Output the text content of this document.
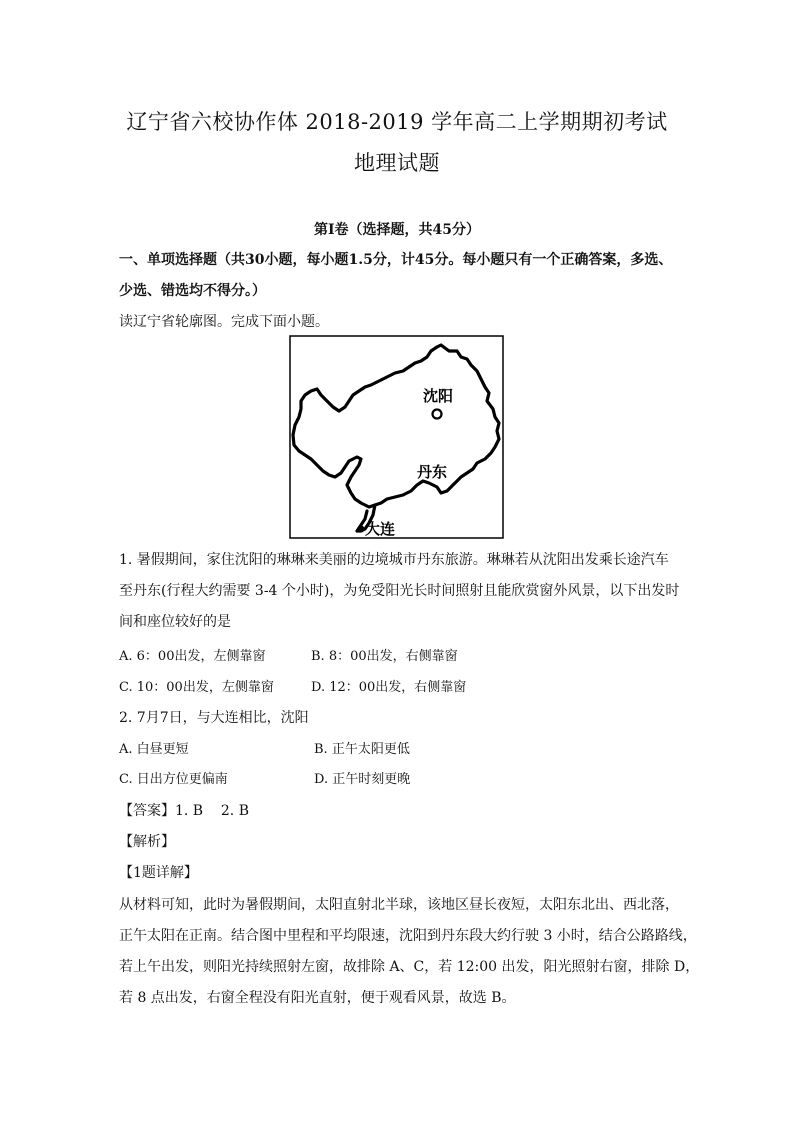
辽宁省六校协作体 2018-2019 学年高二上学期期初考试
地理试题
第Ⅰ卷（选择题，共45分）
一、单项选择题（共30小题，每小题1.5分，计45分。每小题只有一个正确答案，多选、
少选、错选均不得分。）
读辽宁省轮廓图。完成下面小题。
沈阳
丹东
大连
1. 暑假期间，家住沈阳的琳琳来美丽的边境城市丹东旅游。琳琳若从沈阳出发乘长途汽车
至丹东(行程大约需要 3-4 个小时)，为免受阳光长时间照射且能欣赏窗外风景，以下出发时
间和座位较好的是
A. 6：00出发，左侧靠窗	B. 8：00出发，右侧靠窗
C. 10：00出发，左侧靠窗	D. 12：00出发，右侧靠窗
2. 7月7日，与大连相比，沈阳
A. 白昼更短	B. 正午太阳更低
C. 日出方位更偏南	D. 正午时刻更晚
【答案】1. B    2. B
【解析】
【1题详解】
从材料可知，此时为暑假期间，太阳直射北半球，该地区昼长夜短，太阳东北出、西北落，
正午太阳在正南。结合图中里程和平均限速，沈阳到丹东段大约行驶 3 小时，结合公路路线，
若上午出发，则阳光持续照射左窗，故排除 A、C，若 12:00 出发，阳光照射右窗，排除 D，
若 8 点出发，右窗全程没有阳光直射，便于观看风景，故选 B。
